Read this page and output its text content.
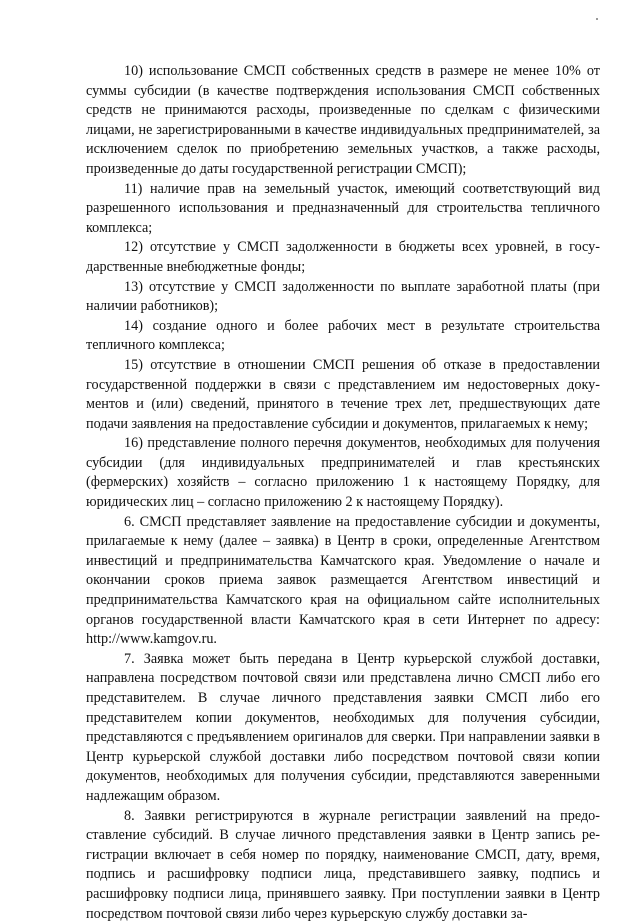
10) использование СМСП собственных средств в размере не менее 10% от суммы субсидии (в качестве подтверждения использования СМСП собственных средств не принимаются расходы, произведенные по сделкам с физическими лицами, не зарегистрированными в качестве индивидуальных предпринимателей, за исключением сделок по приобретению земельных участков, а также расходы, произведенные до даты государственной регистрации СМСП);

11) наличие прав на земельный участок, имеющий соответствующий вид разрешенного использования и предназначенный для строительства тепличного комплекса;

12) отсутствие у СМСП задолженности в бюджеты всех уровней, в государственные внебюджетные фонды;

13) отсутствие у СМСП задолженности по выплате заработной платы (при наличии работников);

14) создание одного и более рабочих мест в результате строительства тепличного комплекса;

15) отсутствие в отношении СМСП решения об отказе в предоставлении государственной поддержки в связи с представлением им недостоверных документов и (или) сведений, принятого в течение трех лет, предшествующих дате подачи заявления на предоставление субсидии и документов, прилагаемых к нему;

16) представление полного перечня документов, необходимых для получения субсидии (для индивидуальных предпринимателей и глав крестьянских (фермерских) хозяйств – согласно приложению 1 к настоящему Порядку, для юридических лиц – согласно приложению 2 к настоящему Порядку).

6. СМСП представляет заявление на предоставление субсидии и документы, прилагаемые к нему (далее – заявка) в Центр в сроки, определенные Агентством инвестиций и предпринимательства Камчатского края. Уведомление о начале и окончании сроков приема заявок размещается Агентством инвестиций и предпринимательства Камчатского края на официальном сайте исполнительных органов государственной власти Камчатского края в сети Интернет по адресу: http://www.kamgov.ru.

7. Заявка может быть передана в Центр курьерской службой доставки, направлена посредством почтовой связи или представлена лично СМСП либо его представителем. В случае личного представления заявки СМСП либо его представителем копии документов, необходимых для получения субсидии, представляются с предъявлением оригиналов для сверки. При направлении заявки в Центр курьерской службой доставки либо посредством почтовой связи копии документов, необходимых для получения субсидии, представляются заверенными надлежащим образом.

8. Заявки регистрируются в журнале регистрации заявлений на предоставление субсидий. В случае личного представления заявки в Центр запись регистрации включает в себя номер по порядку, наименование СМСП, дату, время, подпись и расшифровку подписи лица, представившего заявку, подпись и расшифровку подписи лица, принявшего заявку. При поступлении заявки в Центр посредством почтовой связи либо через курьерскую службу доставки за-
